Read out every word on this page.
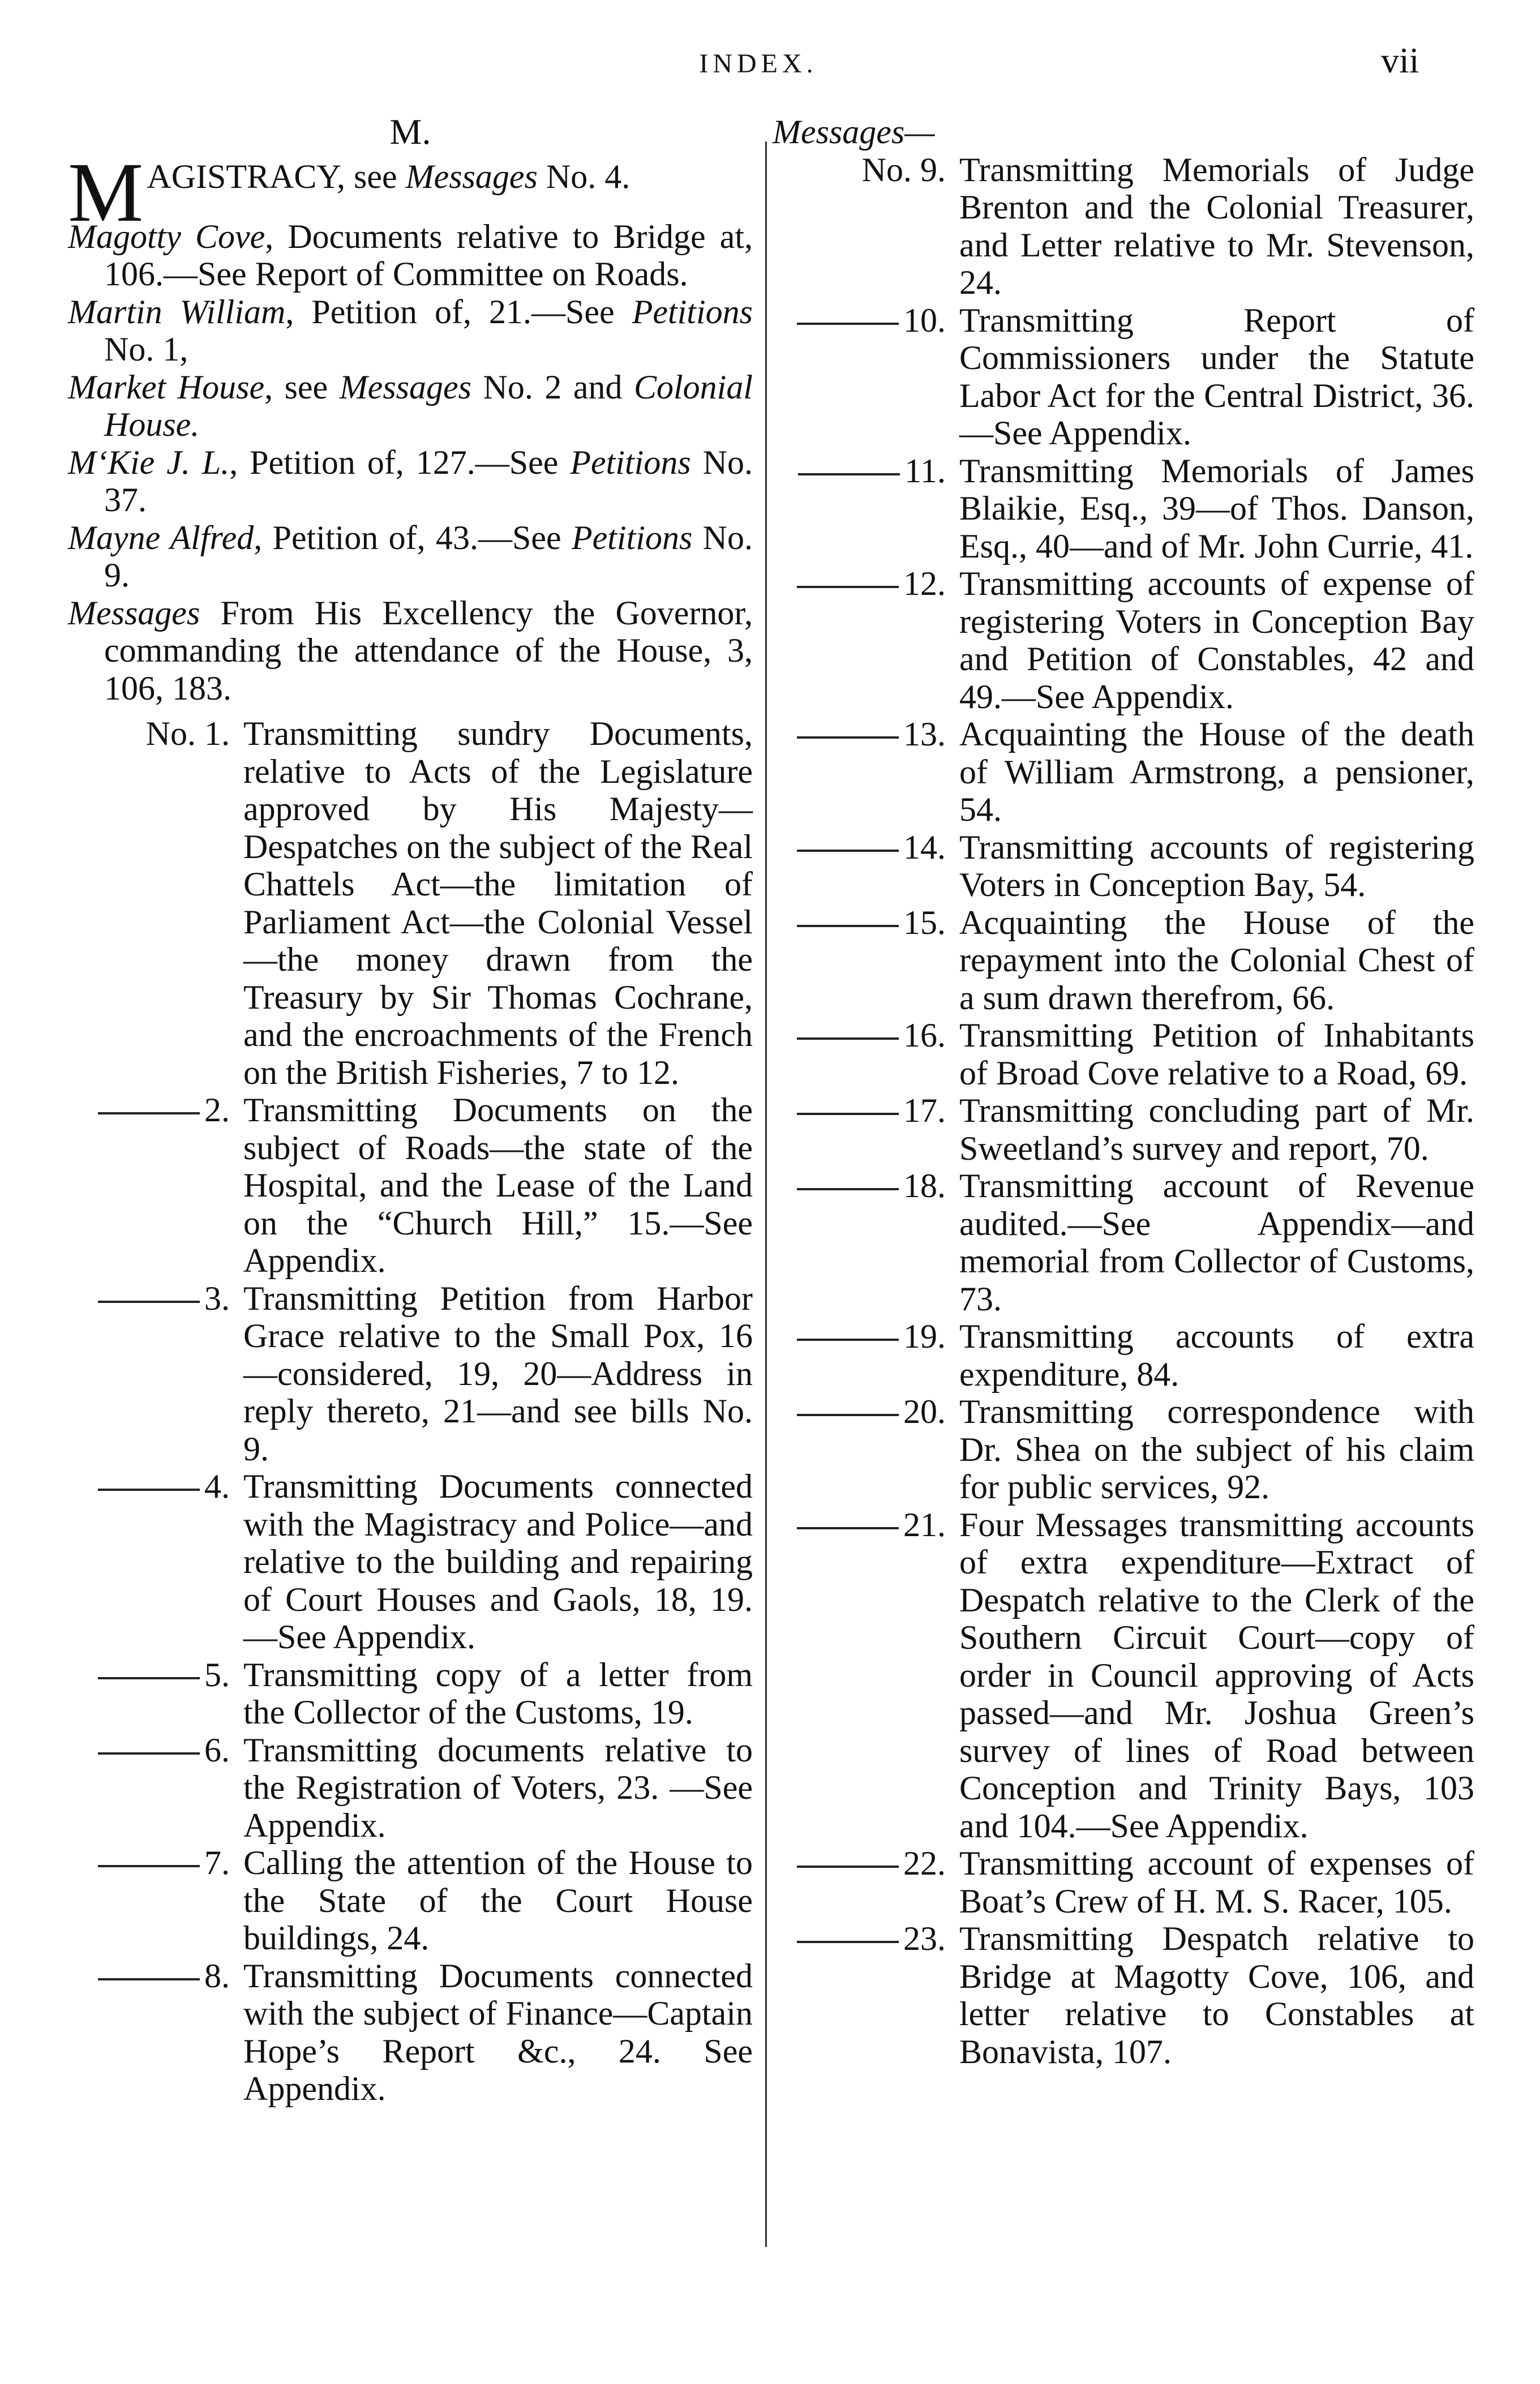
INDEX.	vii
M.
MAGISTRACY, see Messages No. 4.
Magotty Cove, Documents relative to Bridge at, 106.—See Report of Committee on Roads.
Martin William, Petition of, 21.—See Petitions No. 1,
Market House, see Messages No. 2 and Colonial House.
M‘Kie J. L., Petition of, 127.—See Petitions No. 37.
Mayne Alfred, Petition of, 43.—See Petitions No. 9.
Messages From His Excellency the Governor, commanding the attendance of the House, 3, 106, 183.
No. 1. Transmitting sundry Documents, relative to Acts of the Legislature approved by His Majesty—Despatches on the subject of the Real Chattels Act—the limitation of Parliament Act—the Colonial Vessel—the money drawn from the Treasury by Sir Thomas Cochrane, and the encroachments of the French on the British Fisheries, 7 to 12.
2. Transmitting Documents on the subject of Roads—the state of the Hospital, and the Lease of the Land on the “Church Hill,” 15.—See Appendix.
3. Transmitting Petition from Harbor Grace relative to the Small Pox, 16—considered, 19, 20—Address in reply thereto, 21—and see bills No. 9.
4. Transmitting Documents connected with the Magistracy and Police—and relative to the building and repairing of Court Houses and Gaols, 18, 19.—See Appendix.
5. Transmitting copy of a letter from the Collector of the Customs, 19.
6. Transmitting documents relative to the Registration of Voters, 23. —See Appendix.
7. Calling the attention of the House to the State of the Court House buildings, 24.
8. Transmitting Documents connected with the subject of Finance—Captain Hope’s Report &c., 24. See Appendix.
Messages—
No. 9. Transmitting Memorials of Judge Brenton and the Colonial Treasurer, and Letter relative to Mr. Stevenson, 24.
10. Transmitting Report of Commissioners under the Statute Labor Act for the Central District, 36. —See Appendix.
11. Transmitting Memorials of James Blaikie, Esq., 39—of Thos. Danson, Esq., 40—and of Mr. John Currie, 41.
12. Transmitting accounts of expense of registering Voters in Conception Bay and Petition of Constables, 42 and 49.—See Appendix.
13. Acquainting the House of the death of William Armstrong, a pensioner, 54.
14. Transmitting accounts of registering Voters in Conception Bay, 54.
15. Acquainting the House of the repayment into the Colonial Chest of a sum drawn therefrom, 66.
16. Transmitting Petition of Inhabitants of Broad Cove relative to a Road, 69.
17. Transmitting concluding part of Mr. Sweetland’s survey and report, 70.
18. Transmitting account of Revenue audited.—See Appendix—and memorial from Collector of Customs, 73.
19. Transmitting accounts of extra expenditure, 84.
20. Transmitting correspondence with Dr. Shea on the subject of his claim for public services, 92.
21. Four Messages transmitting accounts of extra expenditure—Extract of Despatch relative to the Clerk of the Southern Circuit Court—copy of order in Council approving of Acts passed—and Mr. Joshua Green’s survey of lines of Road between Conception and Trinity Bays, 103 and 104.—See Appendix.
22. Transmitting account of expenses of Boat’s Crew of H. M. S. Racer, 105.
23. Transmitting Despatch relative to Bridge at Magotty Cove, 106, and letter relative to Constables at Bonavista, 107.
